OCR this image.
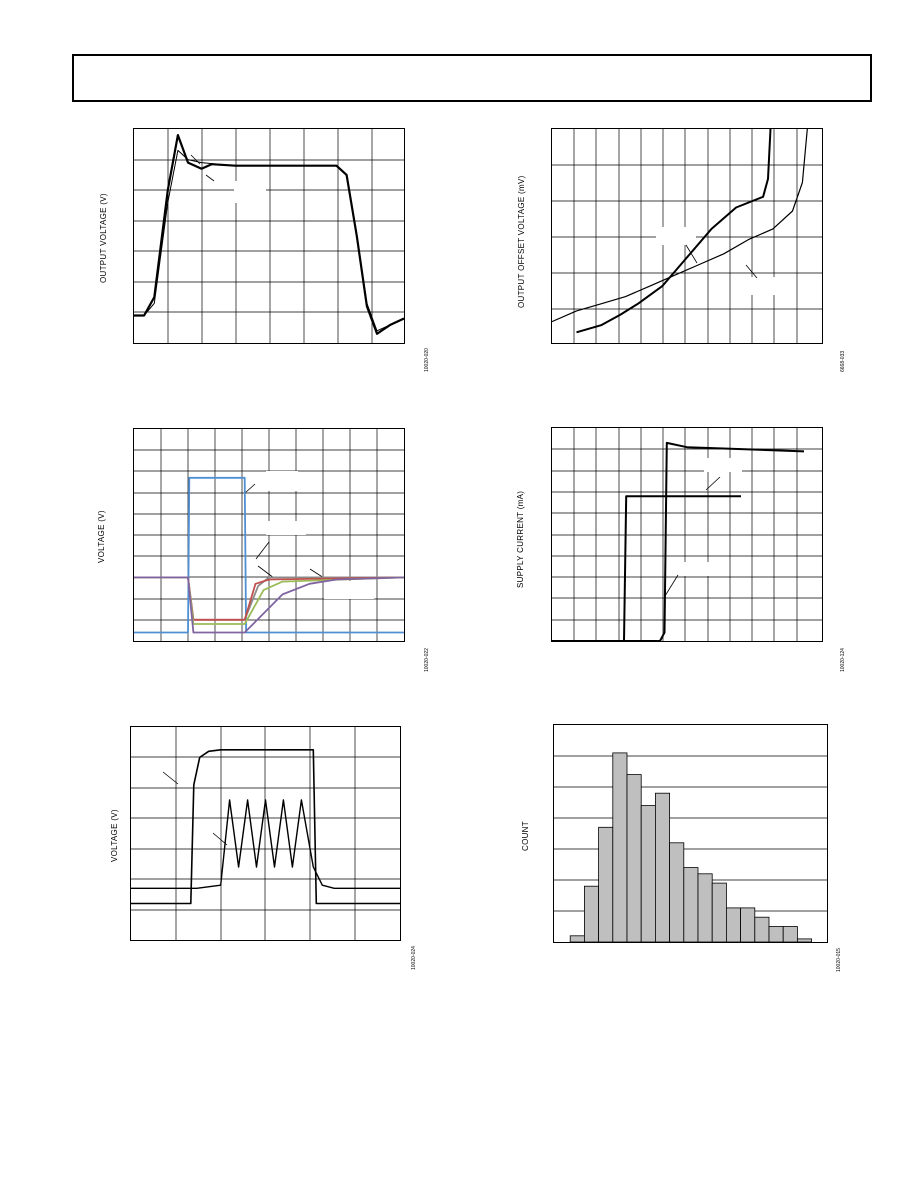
OUTPUT VOLTAGE (V)
10020-020
OUTPUT OFFSET VOLTAGE (mV)
6668-033
VOLTAGE (V)
10020-022
SUPPLY CURRENT (mA)
10020-124
VOLTAGE (V)
10020-024
COUNT
10020-015
